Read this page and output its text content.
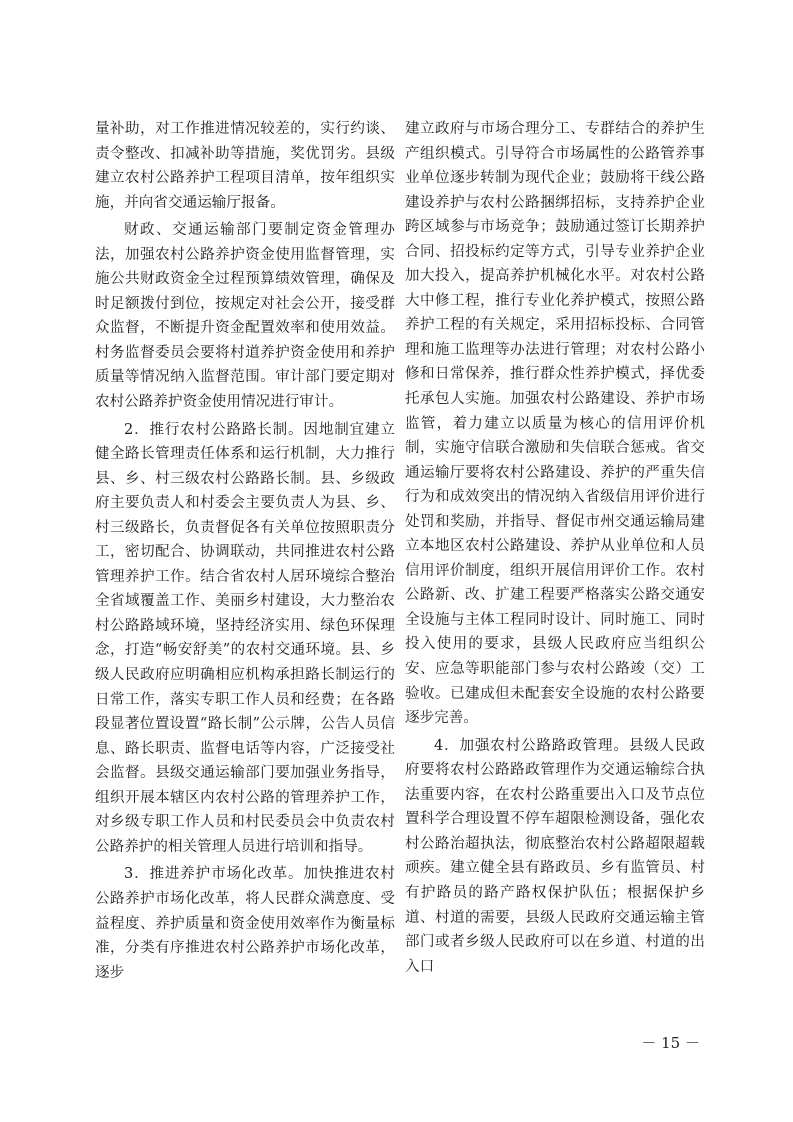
量补助，对工作推进情况较差的，实行约谈、责令整改、扣减补助等措施，奖优罚劣。县级建立农村公路养护工程项目清单，按年组织实施，并向省交通运输厅报备。

财政、交通运输部门要制定资金管理办法，加强农村公路养护资金使用监督管理，实施公共财政资金全过程预算绩效管理，确保及时足额拨付到位，按规定对社会公开，接受群众监督，不断提升资金配置效率和使用效益。村务监督委员会要将村道养护资金使用和养护质量等情况纳入监督范围。审计部门要定期对农村公路养护资金使用情况进行审计。

2．推行农村公路路长制。因地制宜建立健全路长管理责任体系和运行机制，大力推行县、乡、村三级农村公路路长制。县、乡级政府主要负责人和村委会主要负责人为县、乡、村三级路长，负责督促各有关单位按照职责分工，密切配合、协调联动，共同推进农村公路管理养护工作。结合省农村人居环境综合整治全省域覆盖工作、美丽乡村建设，大力整治农村公路路域环境，坚持经济实用、绿色环保理念，打造“畅安舒美”的农村交通环境。县、乡级人民政府应明确相应机构承担路长制运行的日常工作，落实专职工作人员和经费；在各路段显著位置设置“路长制”公示牌，公告人员信息、路长职责、监督电话等内容，广泛接受社会监督。县级交通运输部门要加强业务指导，组织开展本辖区内农村公路的管理养护工作，对乡级专职工作人员和村民委员会中负责农村公路养护的相关管理人员进行培训和指导。

3．推进养护市场化改革。加快推进农村公路养护市场化改革，将人民群众满意度、受益程度、养护质量和资金使用效率作为衡量标准，分类有序推进农村公路养护市场化改革，逐步

建立政府与市场合理分工、专群结合的养护生产组织模式。引导符合市场属性的公路管养事业单位逐步转制为现代企业；鼓励将干线公路建设养护与农村公路捆绑招标，支持养护企业跨区域参与市场竞争；鼓励通过签订长期养护合同、招投标约定等方式，引导专业养护企业加大投入，提高养护机械化水平。对农村公路大中修工程，推行专业化养护模式，按照公路养护工程的有关规定，采用招标投标、合同管理和施工监理等办法进行管理；对农村公路小修和日常保养，推行群众性养护模式，择优委托承包人实施。加强农村公路建设、养护市场监管，着力建立以质量为核心的信用评价机制，实施守信联合激励和失信联合惩戒。省交通运输厅要将农村公路建设、养护的严重失信行为和成效突出的情况纳入省级信用评价进行处罚和奖励，并指导、督促市州交通运输局建立本地区农村公路建设、养护从业单位和人员信用评价制度，组织开展信用评价工作。农村公路新、改、扩建工程要严格落实公路交通安全设施与主体工程同时设计、同时施工、同时投入使用的要求，县级人民政府应当组织公安、应急等职能部门参与农村公路竣（交）工验收。已建成但未配套安全设施的农村公路要逐步完善。

4．加强农村公路路政管理。县级人民政府要将农村公路路政管理作为交通运输综合执法重要内容，在农村公路重要出入口及节点位置科学合理设置不停车超限检测设备，强化农村公路治超执法，彻底整治农村公路超限超载顽疾。建立健全县有路政员、乡有监管员、村有护路员的路产路权保护队伍；根据保护乡道、村道的需要，县级人民政府交通运输主管部门或者乡级人民政府可以在乡道、村道的出入口

－ 15 －
